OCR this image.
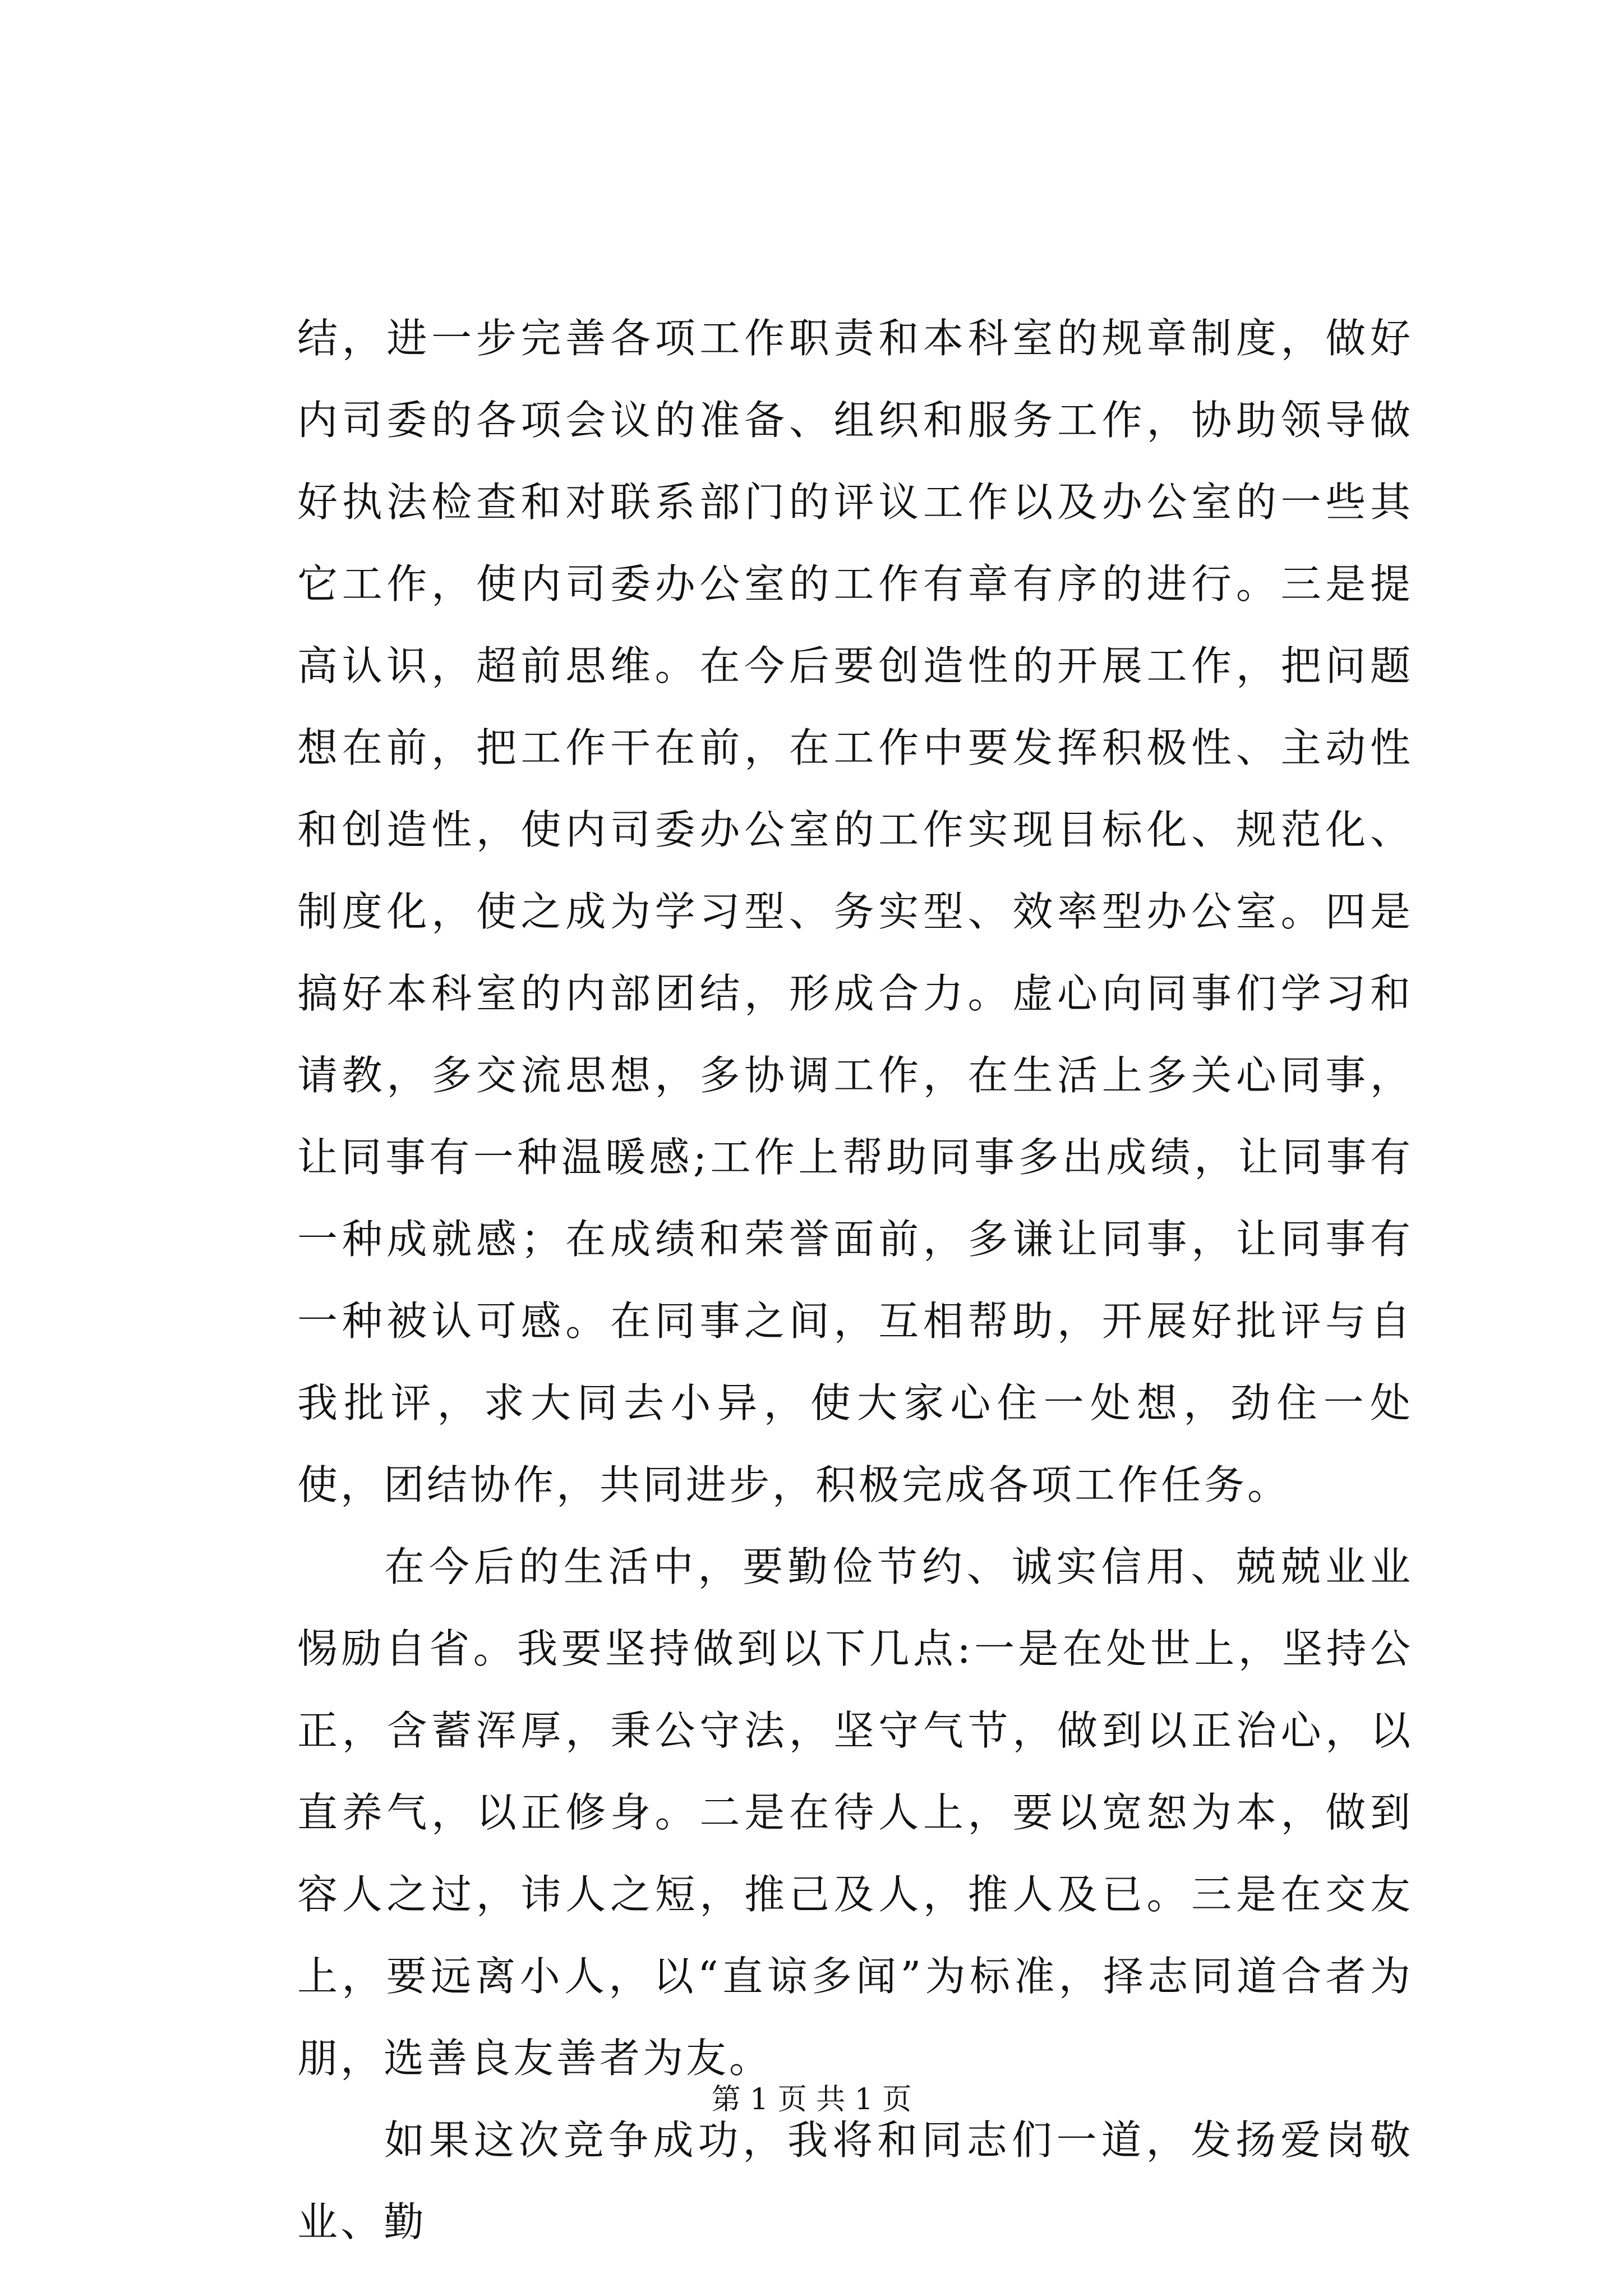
结，进一步完善各项工作职责和本科室的规章制度，做好内司委的各项会议的准备、组织和服务工作，协助领导做好执法检查和对联系部门的评议工作以及办公室的一些其它工作，使内司委办公室的工作有章有序的进行。三是提高认识，超前思维。在今后要创造性的开展工作，把问题想在前，把工作干在前，在工作中要发挥积极性、主动性和创造性，使内司委办公室的工作实现目标化、规范化、制度化，使之成为学习型、务实型、效率型办公室。四是搞好本科室的内部团结，形成合力。虚心向同事们学习和请教，多交流思想，多协调工作，在生活上多关心同事，让同事有一种温暖感;工作上帮助同事多出成绩，让同事有一种成就感；在成绩和荣誉面前，多谦让同事，让同事有一种被认可感。在同事之间，互相帮助，开展好批评与自我批评，求大同去小异，使大家心住一处想，劲住一处使，团结协作，共同进步，积极完成各项工作任务。

在今后的生活中，要勤俭节约、诚实信用、兢兢业业惕励自省。我要坚持做到以下几点:一是在处世上，坚持公正，含蓄浑厚，秉公守法，坚守气节，做到以正治心，以直养气，以正修身。二是在待人上，要以宽恕为本，做到容人之过，讳人之短，推己及人，推人及已。三是在交友上，要远离小人，以“直谅多闻”为标准，择志同道合者为朋，选善良友善者为友。

如果这次竞争成功，我将和同志们一道，发扬爱岗敬业、勤

第 1 页 共 1 页
